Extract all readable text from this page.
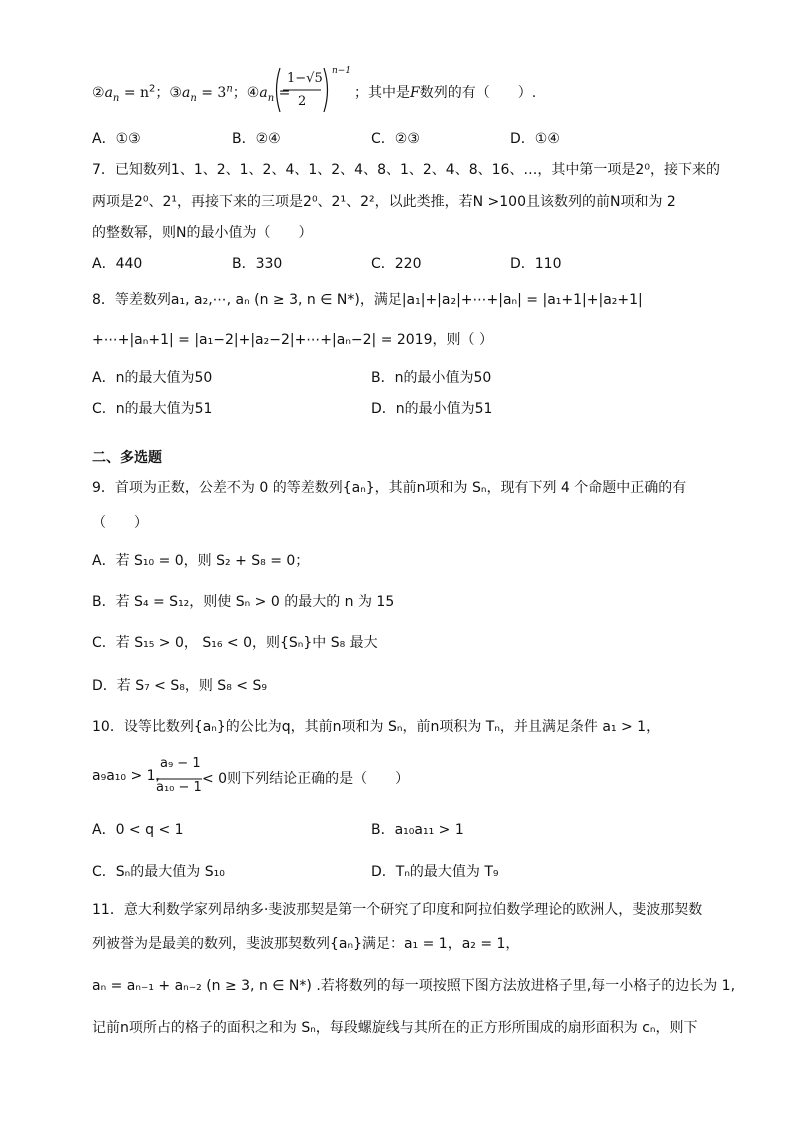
$②a_n = n^2$；$③a_n = 3^n$；$④a_n$ =
1−√5
2
n−1
；其中是F数列的有（　　）.
A．①③	B．②④	C．②③	D．①④
7．已知数列1、1、2、1、2、4、1、2、4、8、1、2、4、8、16、…，其中第一项是2⁰，接下来的
两项是2⁰、2¹，再接下来的三项是2⁰、2¹、2²，以此类推，若N >100且该数列的前N项和为 2
的整数幂，则N的最小值为（　　）
A．440	B．330	C．220	D．110
8．等差数列a₁, a₂,⋯, aₙ (n ≥ 3, n ∈ N*)，满足|a₁|+|a₂|+⋯+|aₙ| = |a₁+1|+|a₂+1|
+⋯+|aₙ+1| = |a₁−2|+|a₂−2|+⋯+|aₙ−2| = 2019，则（ ）
A．n的最大值为50	B．n的最小值为50
C．n的最大值为51	D．n的最小值为51
二、多选题
9．首项为正数，公差不为 0 的等差数列{aₙ}，其前n项和为 Sₙ，现有下列 4 个命题中正确的有
（　　）
A．若 S₁₀ = 0，则 S₂ + S₈ = 0；
B．若 S₄ = S₁₂，则使 Sₙ > 0 的最大的 n 为 15
C．若 S₁₅ > 0， S₁₆ < 0，则{Sₙ}中 S₈ 最大
D．若 S₇ < S₈，则 S₈ < S₉
10．设等比数列{aₙ}的公比为q，其前n项和为 Sₙ，前n项积为 Tₙ，并且满足条件 a₁ > 1，
a₉a₁₀ > 1,
a₉ − 1
a₁₀ − 1
< 0则下列结论正确的是（　　）
A．0 < q < 1	B．a₁₀a₁₁ > 1
C．Sₙ的最大值为 S₁₀	D．Tₙ的最大值为 T₉
11．意大利数学家列昂纳多·斐波那契是第一个研究了印度和阿拉伯数学理论的欧洲人，斐波那契数
列被誉为是最美的数列，斐波那契数列{aₙ}满足：a₁ = 1，a₂ = 1，
aₙ = aₙ₋₁ + aₙ₋₂ (n ≥ 3, n ∈ N*) .若将数列的每一项按照下图方法放进格子里,每一小格子的边长为 1,
记前n项所占的格子的面积之和为 Sₙ，每段螺旋线与其所在的正方形所围成的扇形面积为 cₙ，则下
